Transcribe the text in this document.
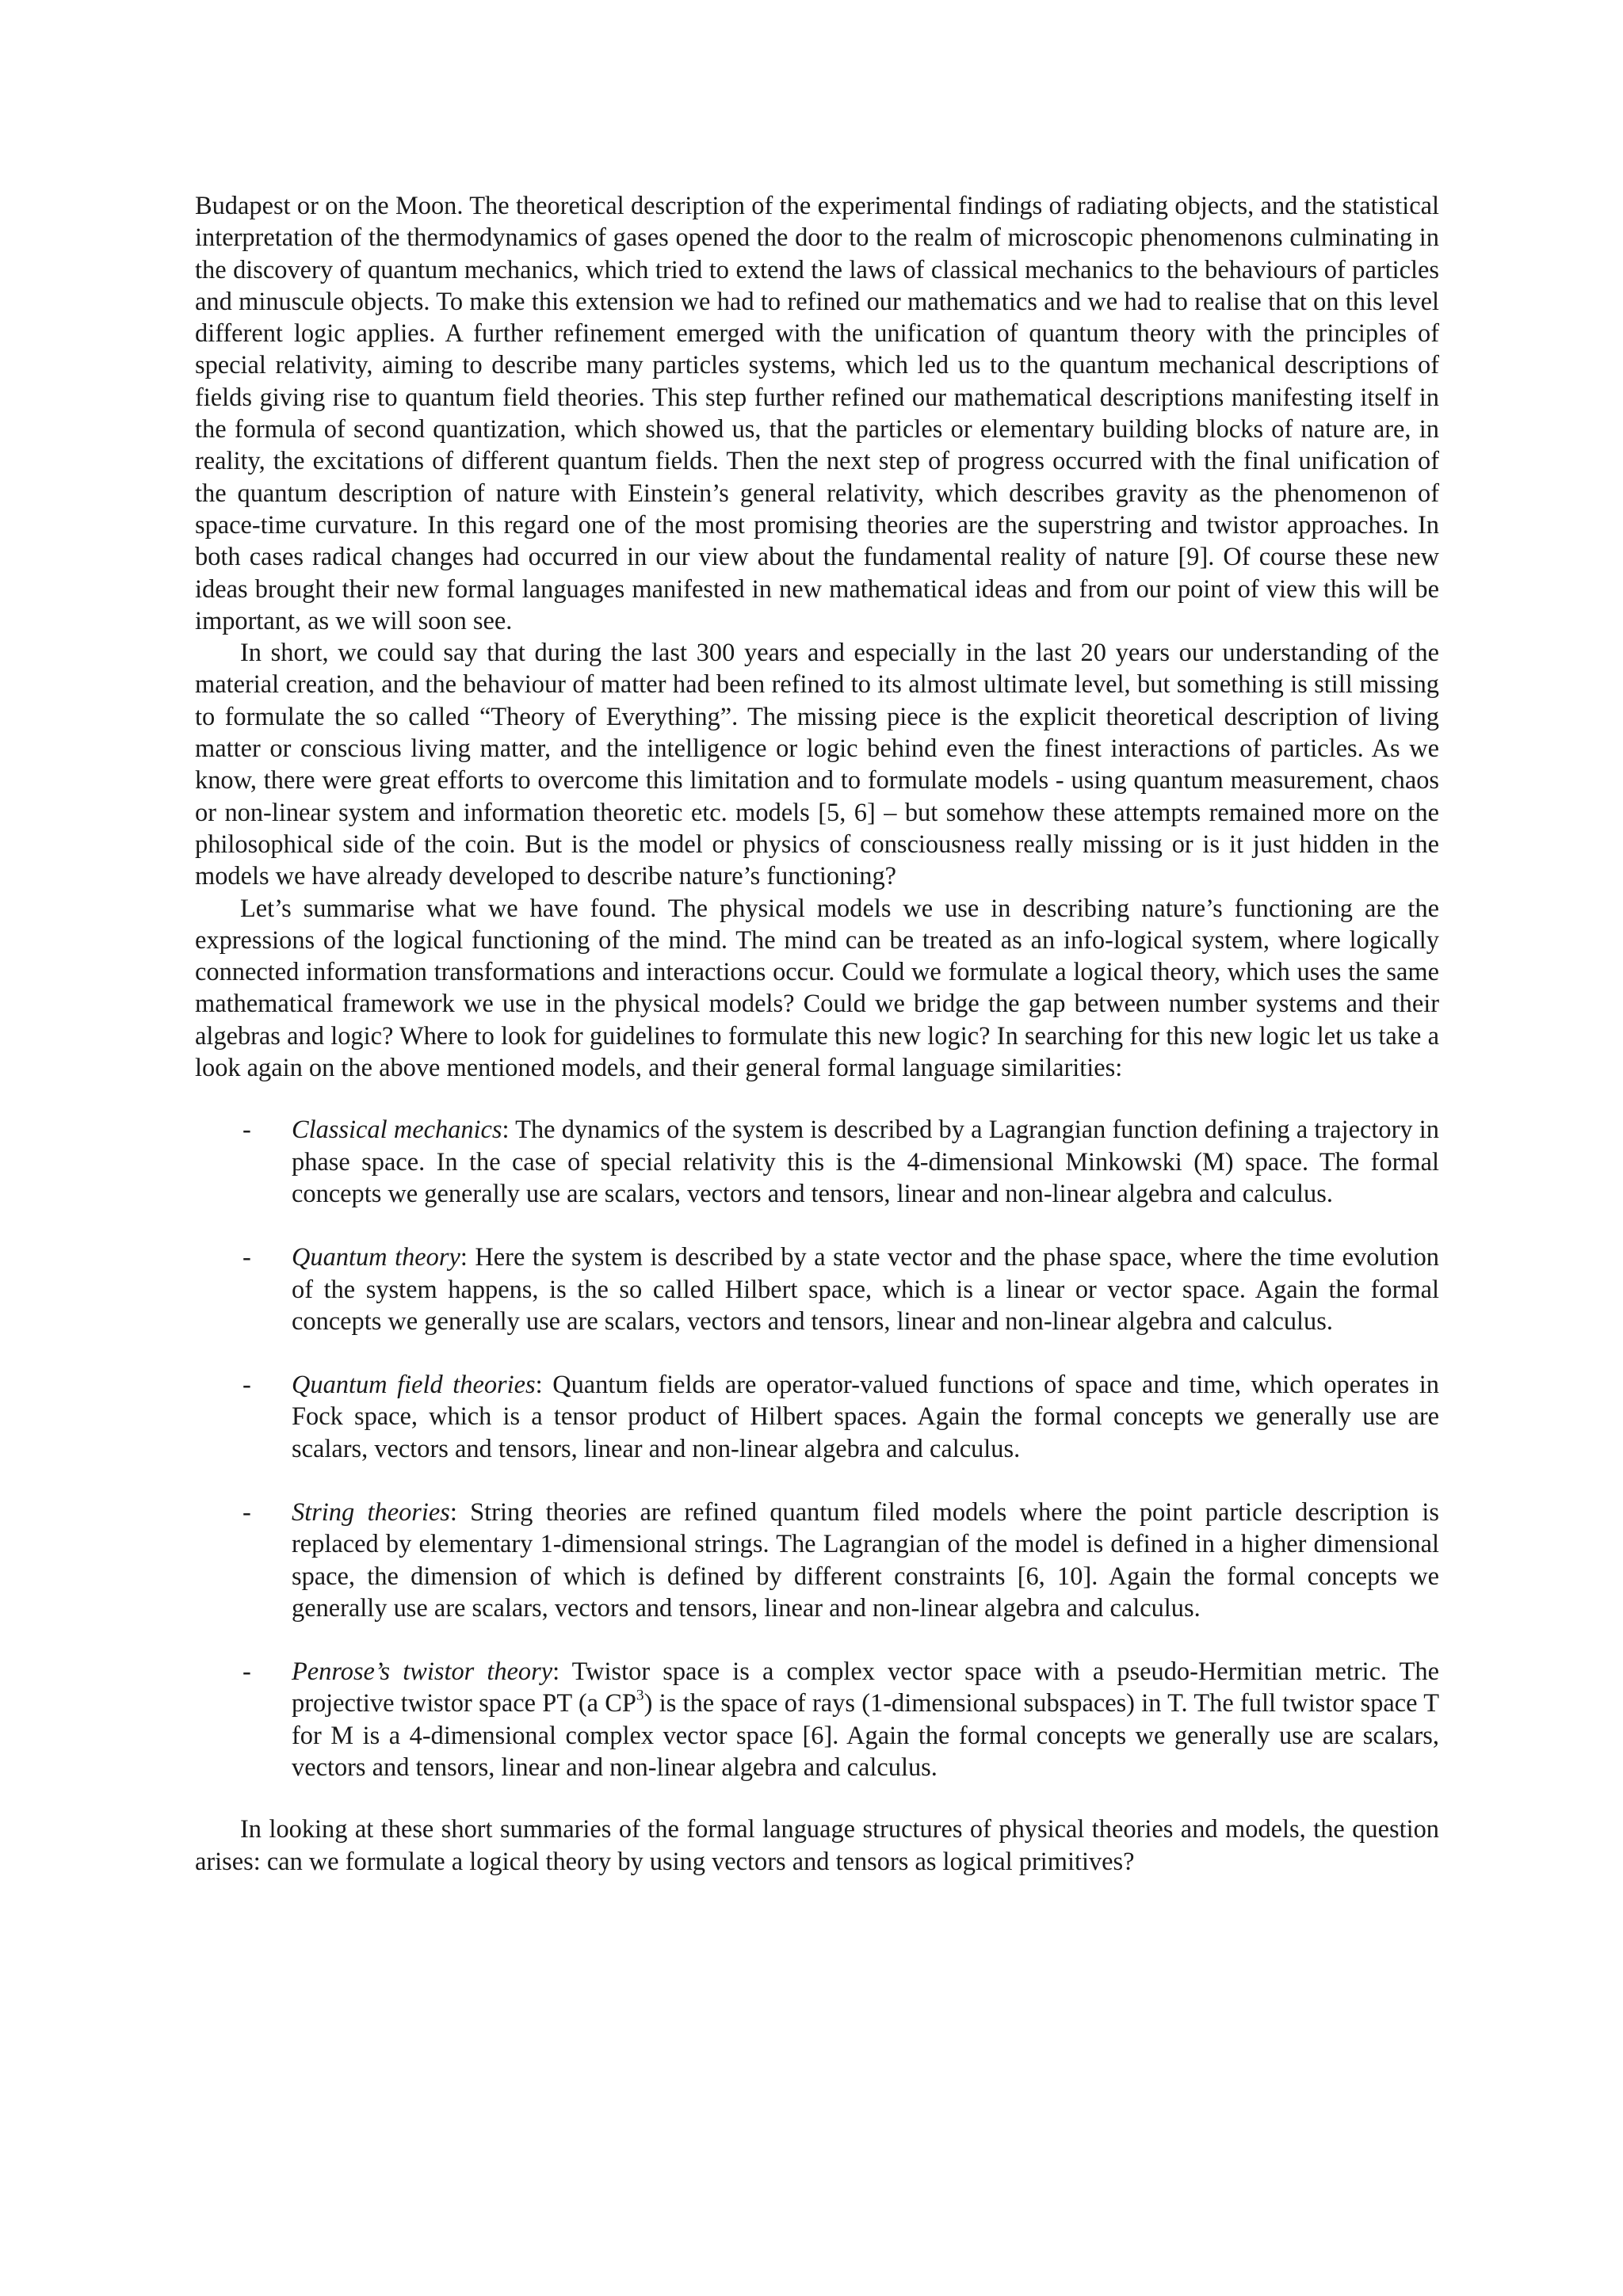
Budapest or on the Moon. The theoretical description of the experimental findings of radiating objects, and the statistical interpretation of the thermodynamics of gases opened the door to the realm of microscopic phenomenons culminating in the discovery of quantum mechanics, which tried to extend the laws of classical mechanics to the behaviours of particles and minuscule objects. To make this extension we had to refined our mathematics and we had to realise that on this level different logic applies. A further refinement emerged with the unification of quantum theory with the principles of special relativity, aiming to describe many particles systems, which led us to the quantum mechanical descriptions of fields giving rise to quantum field theories. This step further refined our mathematical descriptions manifesting itself in the formula of second quantization, which showed us, that the particles or elementary building blocks of nature are, in reality, the excitations of different quantum fields. Then the next step of progress occurred with the final unification of the quantum description of nature with Einstein’s general relativity, which describes gravity as the phenomenon of space-time curvature. In this regard one of the most promising theories are the superstring and twistor approaches. In both cases radical changes had occurred in our view about the fundamental reality of nature [9]. Of course these new ideas brought their new formal languages manifested in new mathematical ideas and from our point of view this will be important, as we will soon see.

In short, we could say that during the last 300 years and especially in the last 20 years our understanding of the material creation, and the behaviour of matter had been refined to its almost ultimate level, but something is still missing to formulate the so called “Theory of Everything”. The missing piece is the explicit theoretical description of living matter or conscious living matter, and the intelligence or logic behind even the finest interactions of particles. As we know, there were great efforts to overcome this limitation and to formulate models - using quantum measurement, chaos or non-linear system and information theoretic etc. models [5, 6] – but somehow these attempts remained more on the philosophical side of the coin. But is the model or physics of consciousness really missing or is it just hidden in the models we have already developed to describe nature’s functioning?

Let’s summarise what we have found. The physical models we use in describing nature’s functioning are the expressions of the logical functioning of the mind. The mind can be treated as an info-logical system, where logically connected information transformations and interactions occur. Could we formulate a logical theory, which uses the same mathematical framework we use in the physical models? Could we bridge the gap between number systems and their algebras and logic? Where to look for guidelines to formulate this new logic? In searching for this new logic let us take a look again on the above mentioned models, and their general formal language similarities:

- Classical mechanics: The dynamics of the system is described by a Lagrangian function defining a trajectory in phase space. In the case of special relativity this is the 4-dimensional Minkowski (M) space. The formal concepts we generally use are scalars, vectors and tensors, linear and non-linear algebra and calculus.
- Quantum theory: Here the system is described by a state vector and the phase space, where the time evolution of the system happens, is the so called Hilbert space, which is a linear or vector space. Again the formal concepts we generally use are scalars, vectors and tensors, linear and non-linear algebra and calculus.
- Quantum field theories: Quantum fields are operator-valued functions of space and time, which operates in Fock space, which is a tensor product of Hilbert spaces. Again the formal concepts we generally use are scalars, vectors and tensors, linear and non-linear algebra and calculus.
- String theories: String theories are refined quantum filed models where the point particle description is replaced by elementary 1-dimensional strings. The Lagrangian of the model is defined in a higher dimensional space, the dimension of which is defined by different constraints [6, 10]. Again the formal concepts we generally use are scalars, vectors and tensors, linear and non-linear algebra and calculus.
- Penrose’s twistor theory: Twistor space is a complex vector space with a pseudo-Hermitian metric. The projective twistor space PT (a $CP^3$) is the space of rays (1-dimensional subspaces) in T. The full twistor space T for M is a 4-dimensional complex vector space [6]. Again the formal concepts we generally use are scalars, vectors and tensors, linear and non-linear algebra and calculus.

In looking at these short summaries of the formal language structures of physical theories and models, the question arises: can we formulate a logical theory by using vectors and tensors as logical primitives?
